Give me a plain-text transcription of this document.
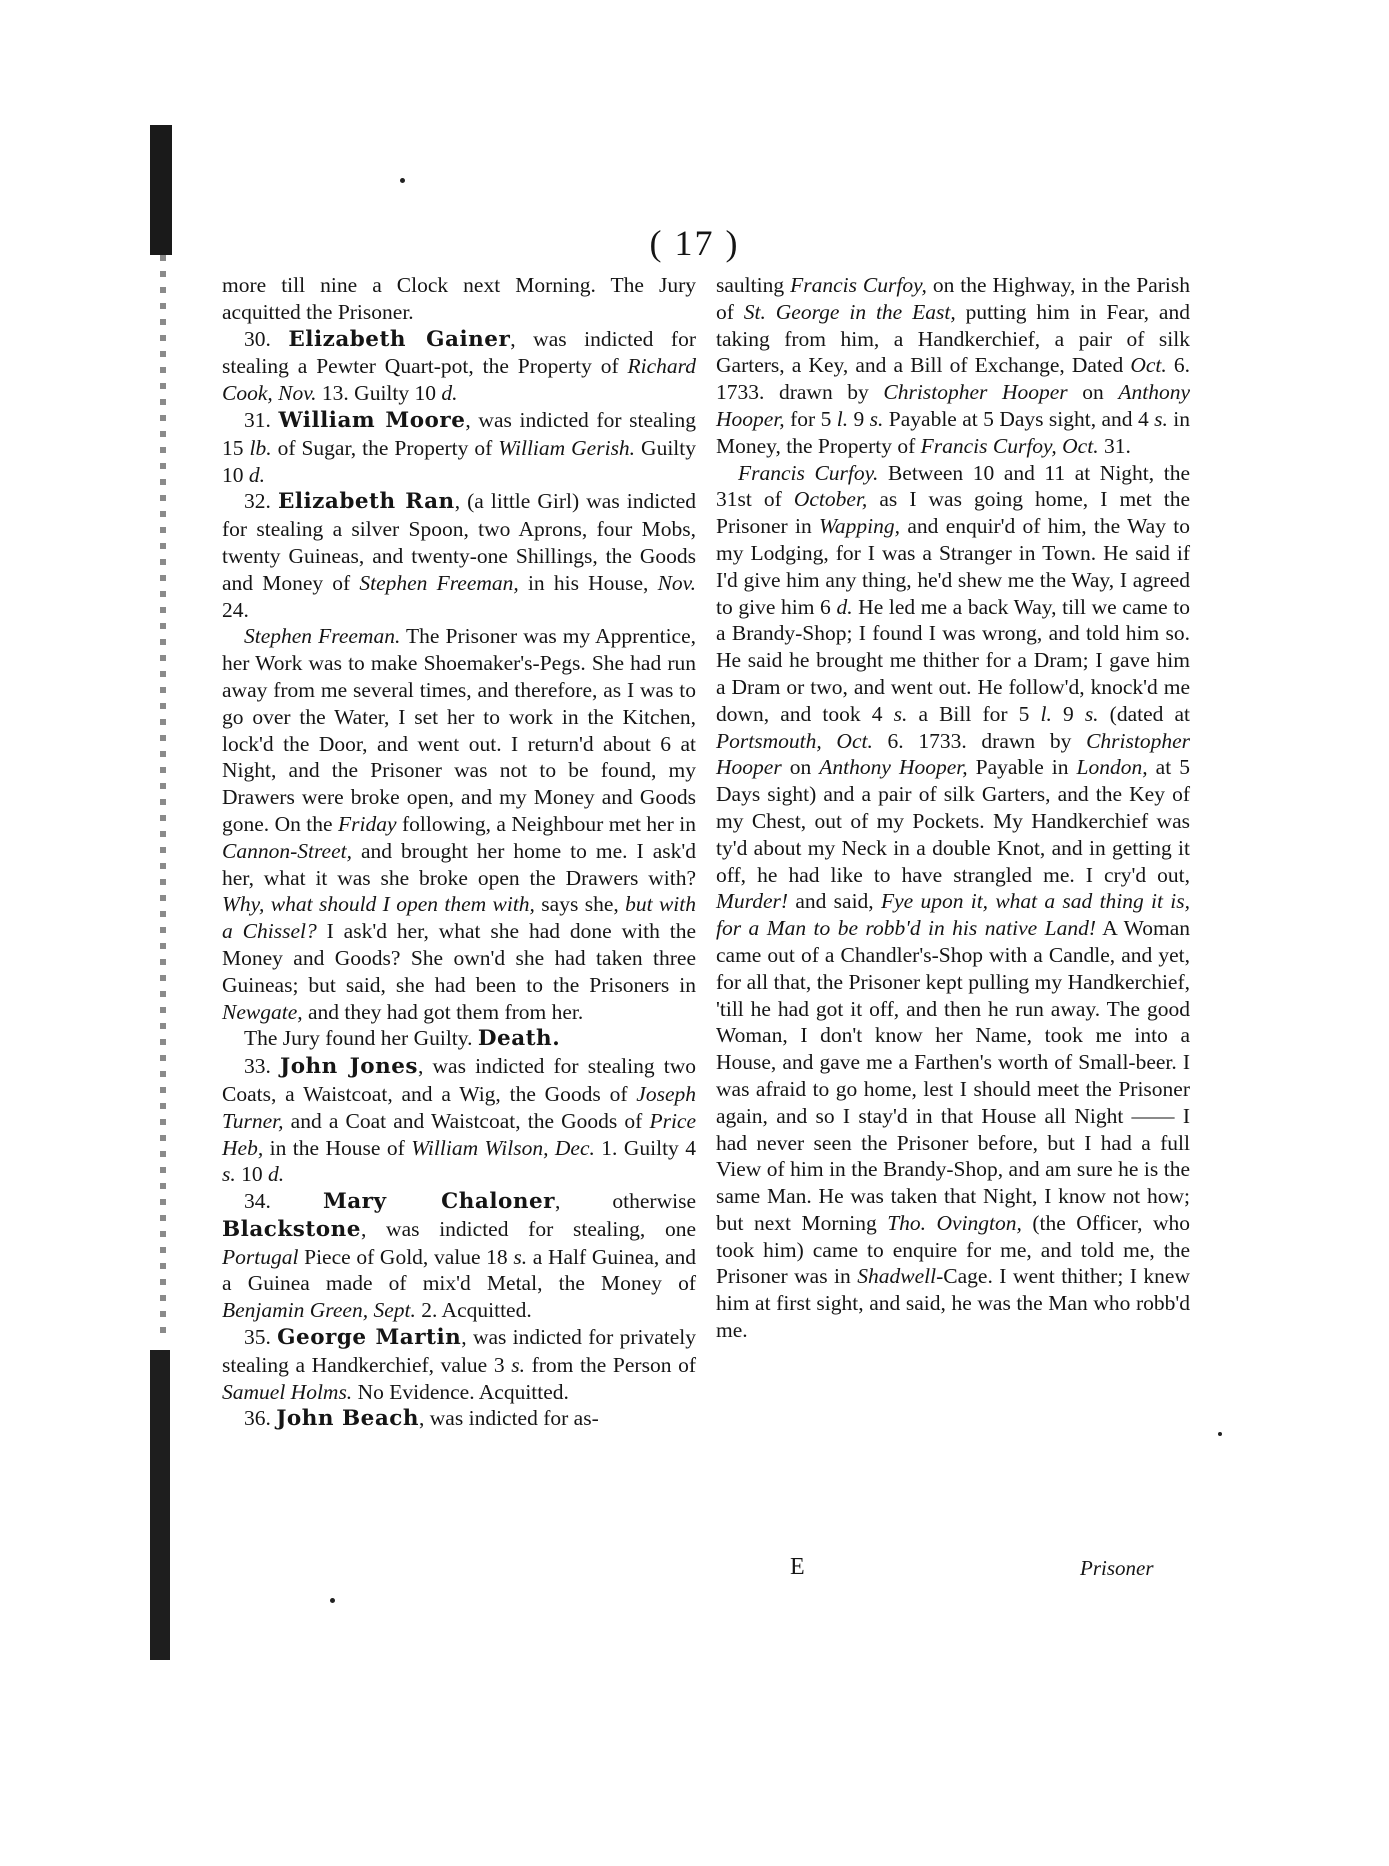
( 17 )

more till nine a Clock next Morning. The Jury acquitted the Prisoner.

30. Elizabeth Gainer, was indicted for stealing a Pewter Quart-pot, the Property of Richard Cook, Nov. 13. Guilty 10 d.

31. William Moore, was indicted for stealing 15 lb. of Sugar, the Property of William Gerish. Guilty 10 d.

32. Elizabeth Ran, (a little Girl) was indicted for stealing a silver Spoon, two Aprons, four Mobs, twenty Guineas, and twenty-one Shillings, the Goods and Money of Stephen Freeman, in his House, Nov. 24.

Stephen Freeman. The Prisoner was my Apprentice, her Work was to make Shoemaker's-Pegs. She had run away from me several times, and therefore, as I was to go over the Water, I set her to work in the Kitchen, lock'd the Door, and went out. I return'd about 6 at Night, and the Prisoner was not to be found, my Drawers were broke open, and my Money and Goods gone. On the Friday following, a Neighbour met her in Cannon-Street, and brought her home to me. I ask'd her, what it was she broke open the Drawers with? Why, what should I open them with, says she, but with a Chissel? I ask'd her, what she had done with the Money and Goods? She own'd she had taken three Guineas; but said, she had been to the Prisoners in Newgate, and they had got them from her.

The Jury found her Guilty. Death.

33. John Jones, was indicted for stealing two Coats, a Waistcoat, and a Wig, the Goods of Joseph Turner, and a Coat and Waistcoat, the Goods of Price Heb, in the House of William Wilson, Dec. 1. Guilty 4 s. 10 d.

34. Mary Chaloner, otherwise Blackstone, was indicted for stealing, one Portugal Piece of Gold, value 18 s. a Half Guinea, and a Guinea made of mix'd Metal, the Money of Benjamin Green, Sept. 2. Acquitted.

35. George Martin, was indicted for privately stealing a Handkerchief, value 3 s. from the Person of Samuel Holms. No Evidence. Acquitted.

36. John Beach, was indicted for as-

saulting Francis Curfoy, on the Highway, in the Parish of St. George in the East, putting him in Fear, and taking from him, a Handkerchief, a pair of silk Garters, a Key, and a Bill of Exchange, Dated Oct. 6. 1733. drawn by Christopher Hooper on Anthony Hooper, for 5 l. 9 s. Payable at 5 Days sight, and 4 s. in Money, the Property of Francis Curfoy, Oct. 31.

Francis Curfoy. Between 10 and 11 at Night, the 31st of October, as I was going home, I met the Prisoner in Wapping, and enquir'd of him, the Way to my Lodging, for I was a Stranger in Town. He said if I'd give him any thing, he'd shew me the Way, I agreed to give him 6 d. He led me a back Way, till we came to a Brandy-Shop; I found I was wrong, and told him so. He said he brought me thither for a Dram; I gave him a Dram or two, and went out. He follow'd, knock'd me down, and took 4 s. a Bill for 5 l. 9 s. (dated at Portsmouth, Oct. 6. 1733. drawn by Christopher Hooper on Anthony Hooper, Payable in London, at 5 Days sight) and a pair of silk Garters, and the Key of my Chest, out of my Pockets. My Handkerchief was ty'd about my Neck in a double Knot, and in getting it off, he had like to have strangled me. I cry'd out, Murder! and said, Fye upon it, what a sad thing it is, for a Man to be robb'd in his native Land! A Woman came out of a Chandler's-Shop with a Candle, and yet, for all that, the Prisoner kept pulling my Handkerchief, 'till he had got it off, and then he run away. The good Woman, I don't know her Name, took me into a House, and gave me a Farthen's worth of Small-beer. I was afraid to go home, lest I should meet the Prisoner again, and so I stay'd in that House all Night —— I had never seen the Prisoner before, but I had a full View of him in the Brandy-Shop, and am sure he is the same Man. He was taken that Night, I know not how; but next Morning Tho. Ovington, (the Officer, who took him) came to enquire for me, and told me, the Prisoner was in Shadwell-Cage. I went thither; I knew him at first sight, and said, he was the Man who robb'd me.

E	Prisoner
